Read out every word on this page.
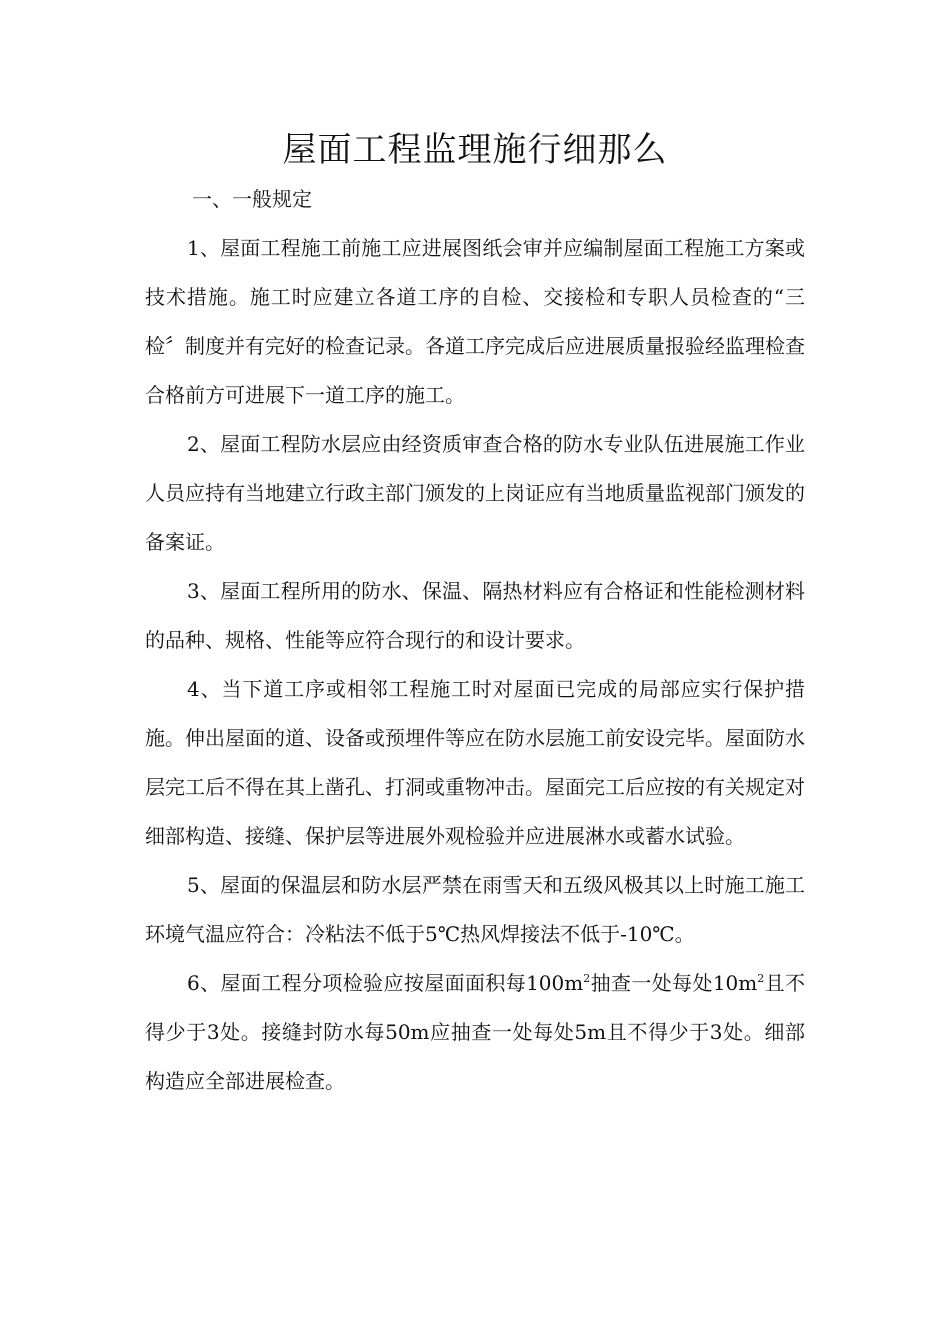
屋面工程监理施行细那么
一、一般规定

1、屋面工程施工前施工应进展图纸会审并应编制屋面工程施工方案或技术措施。施工时应建立各道工序的自检、交接检和专职人员检查的“三检〞制度并有完好的检查记录。各道工序完成后应进展质量报验经监理检查合格前方可进展下一道工序的施工。

2、屋面工程防水层应由经资质审查合格的防水专业队伍进展施工作业人员应持有当地建立行政主部门颁发的上岗证应有当地质量监视部门颁发的备案证。

3、屋面工程所用的防水、保温、隔热材料应有合格证和性能检测材料的品种、规格、性能等应符合现行的和设计要求。

4、当下道工序或相邻工程施工时对屋面已完成的局部应实行保护措施。伸出屋面的道、设备或预埋件等应在防水层施工前安设完毕。屋面防水层完工后不得在其上凿孔、打洞或重物冲击。屋面完工后应按的有关规定对细部构造、接缝、保护层等进展外观检验并应进展淋水或蓄水试验。

5、屋面的保温层和防水层严禁在雨雪天和五级风极其以上时施工施工环境气温应符合：冷粘法不低于5℃热风焊接法不低于-10℃。

6、屋面工程分项检验应按屋面面积每$100m^2$抽查一处每处$10m^2$且不得少于3处。接缝封防水每50m应抽查一处每处5m且不得少于3处。细部构造应全部进展检查。
